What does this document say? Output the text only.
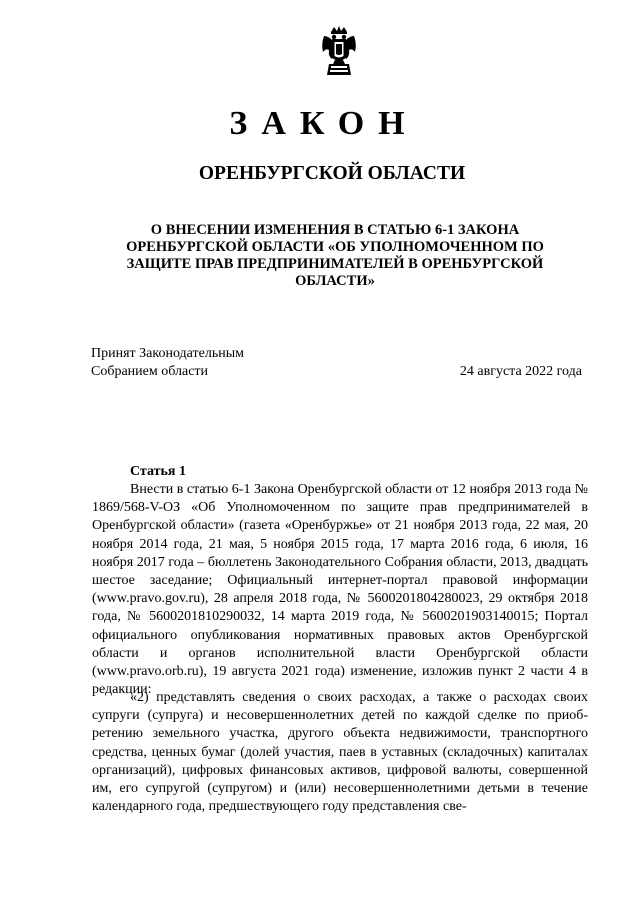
ЗАКОН
ОРЕНБУРГСКОЙ ОБЛАСТИ
О ВНЕСЕНИИ ИЗМЕНЕНИЯ В СТАТЬЮ 6-1 ЗАКОНА ОРЕНБУРГСКОЙ ОБЛАСТИ «ОБ УПОЛНОМОЧЕННОМ ПО ЗАЩИТЕ ПРАВ ПРЕДПРИНИМАТЕЛЕЙ В ОРЕНБУРГСКОЙ ОБЛАСТИ»
Принят Законодательным
Собранием области	24 августа 2022 года
Статья 1

Внести в статью 6-1 Закона Оренбургской области от 12 ноября 2013 года № 1869/568-V-ОЗ «Об Уполномоченном по защите прав предпринимателей в Оренбургской области» (газета «Оренбуржье» от 21 ноября 2013 года, 22 мая, 20 ноября 2014 года, 21 мая, 5 ноября 2015 года, 17 марта 2016 года, 6 июля, 16 ноября 2017 года – бюллетень Законодательного Собрания области, 2013, двадцать шестое заседание; Официальный интернет-портал правовой информации (www.pravo.gov.ru), 28 апреля 2018 года, № 5600201804280023, 29 октября 2018 года, № 5600201810290032, 14 марта 2019 года, № 5600201903140015; Портал официального опубликования нормативных правовых актов Оренбургской области и органов исполнительной власти Оренбургской области (www.pravo.orb.ru), 19 августа 2021 года) изменение, изложив пункт 2 части 4 в редакции:

«2) представлять сведения о своих расходах, а также о расходах своих супруги (супруга) и несовершеннолетних детей по каждой сделке по приобретению земельного участка, другого объекта недвижимости, транспортного средства, ценных бумаг (долей участия, паев в уставных (складочных) капиталах организаций), цифровых финансовых активов, цифровой валюты, совершенной им, его супругой (супругом) и (или) несовершеннолетними детьми в течение календарного года, предшествующего году представления све-
